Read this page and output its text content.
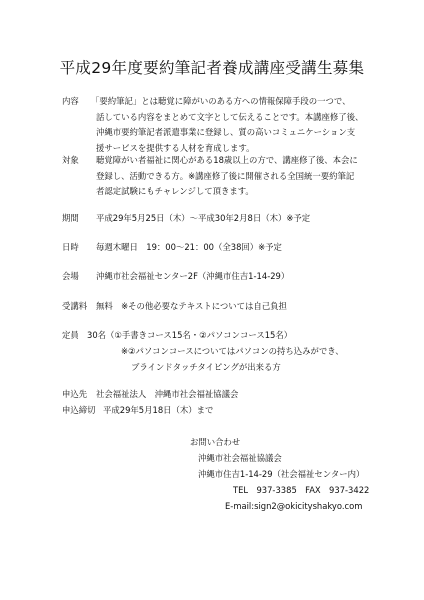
平成29年度要約筆記者養成講座受講生募集
内容 「要約筆記」とは聴覚に障がいのある方への情報保障手段の一つで、
話している内容をまとめて文字として伝えることです。本講座修了後、
沖縄市要約筆記者派遣事業に登録し、質の高いコミュニケーション支
援サービスを提供する人材を育成します。
対象 聴覚障がい者福祉に関心がある18歳以上の方で、講座修了後、本会に
登録し、活動できる方。※講座修了後に開催される全国統一要約筆記
者認定試験にもチャレンジして頂きます。
期間 平成29年5月25日（木）～平成30年2月8日（木）※予定
日時 毎週木曜日　19：00～21：00（全38回）※予定
会場 沖縄市社会福祉センター2F（沖縄市住吉1-14-29）
受講料 無料　※その他必要なテキストについては自己負担
定員 30名（①手書きコース15名・②パソコンコース15名）
※②パソコンコースについてはパソコンの持ち込みができ、
ブラインドタッチタイピングが出来る方
申込先 社会福祉法人　沖縄市社会福祉協議会
申込締切 平成29年5月18日（木）まで
お問い合わせ
沖縄市社会福祉協議会
沖縄市住吉1-14-29（社会福祉センター内）
TEL　937-3385　FAX　937-3422
E-mail:sign2@okicityshakyo.com
